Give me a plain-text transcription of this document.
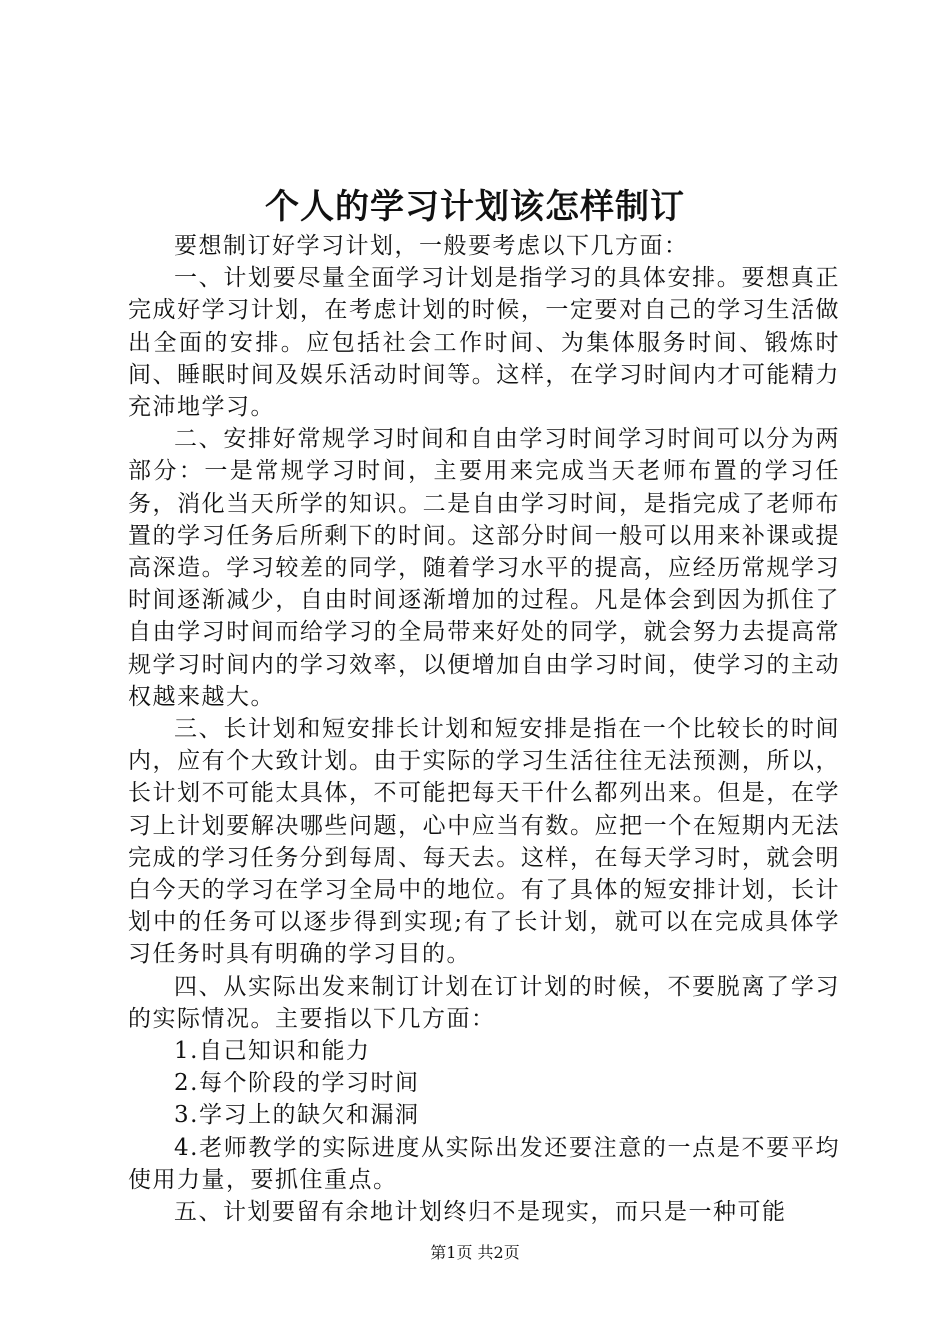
个人的学习计划该怎样制订

要想制订好学习计划，一般要考虑以下几方面：

一、计划要尽量全面学习计划是指学习的具体安排。要想真正完成好学习计划，在考虑计划的时候，一定要对自己的学习生活做出全面的安排。应包括社会工作时间、为集体服务时间、锻炼时间、睡眠时间及娱乐活动时间等。这样，在学习时间内才可能精力充沛地学习。

二、安排好常规学习时间和自由学习时间学习时间可以分为两部分：一是常规学习时间，主要用来完成当天老师布置的学习任务，消化当天所学的知识。二是自由学习时间，是指完成了老师布置的学习任务后所剩下的时间。这部分时间一般可以用来补课或提高深造。学习较差的同学，随着学习水平的提高，应经历常规学习时间逐渐减少，自由时间逐渐增加的过程。凡是体会到因为抓住了自由学习时间而给学习的全局带来好处的同学，就会努力去提高常规学习时间内的学习效率，以便增加自由学习时间，使学习的主动权越来越大。

三、长计划和短安排长计划和短安排是指在一个比较长的时间内，应有个大致计划。由于实际的学习生活往往无法预测，所以，长计划不可能太具体，不可能把每天干什么都列出来。但是，在学习上计划要解决哪些问题，心中应当有数。应把一个在短期内无法完成的学习任务分到每周、每天去。这样，在每天学习时，就会明白今天的学习在学习全局中的地位。有了具体的短安排计划，长计划中的任务可以逐步得到实现;有了长计划，就可以在完成具体学习任务时具有明确的学习目的。

四、从实际出发来制订计划在订计划的时候，不要脱离了学习的实际情况。主要指以下几方面：

1.自己知识和能力

2.每个阶段的学习时间

3.学习上的缺欠和漏洞

4.老师教学的实际进度从实际出发还要注意的一点是不要平均使用力量，要抓住重点。

五、计划要留有余地计划终归不是现实，而只是一种可能

第1页 共2页
